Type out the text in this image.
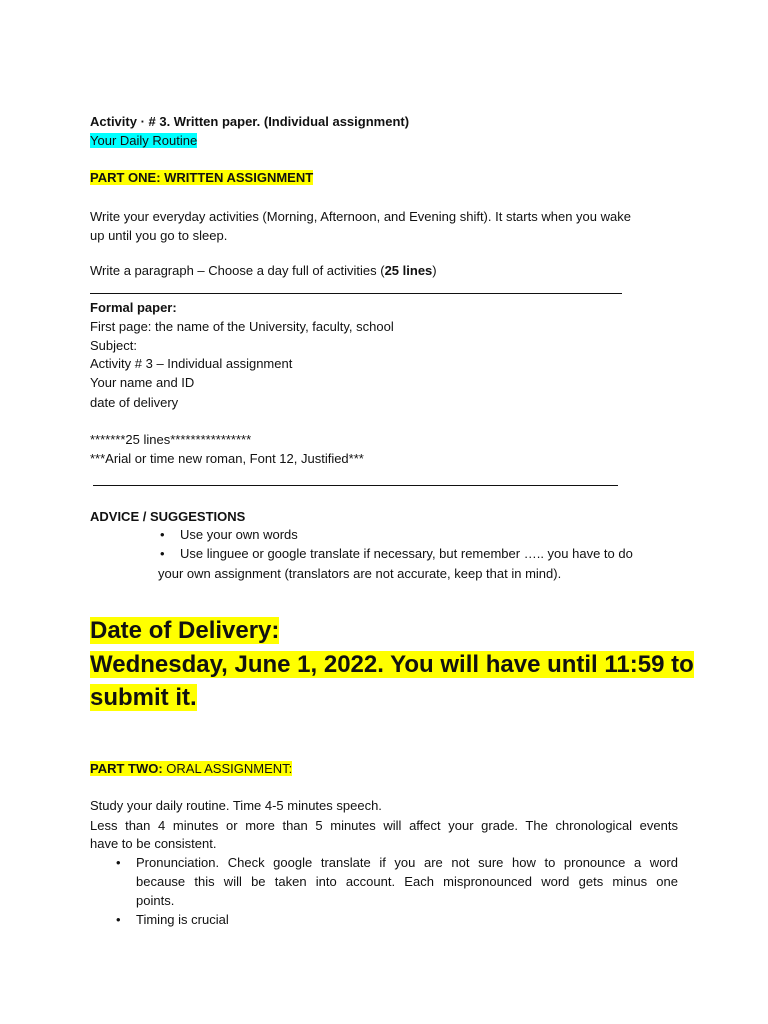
Activity · # 3. Written paper. (Individual assignment)

Your Daily Routine

PART ONE: WRITTEN ASSIGNMENT

Write your everyday activities (Morning, Afternoon, and Evening shift). It starts when you wake

up until you go to sleep.

Write a paragraph – Choose a day full of activities (25 lines)

Formal paper:

First page: the name of the University, faculty, school

Subject:

Activity # 3 – Individual assignment

Your name and ID

date of delivery

*******25 lines****************

***Arial or time new roman, Font 12, Justified***

ADVICE / SUGGESTIONS

• Use your own words

• Use linguee or google translate if necessary, but remember ….. you have to do

your own assignment (translators are not accurate, keep that in mind).

Date of Delivery:

Wednesday, June 1, 2022. You will have until 11:59 to

submit it.

PART TWO: ORAL ASSIGNMENT:

Study your daily routine. Time 4-5 minutes speech.

Less than 4 minutes or more than 5 minutes will affect your grade. The chronological events

have to be consistent.

• Pronunciation. Check google translate if you are not sure how to pronounce a word

because this will be taken into account. Each mispronounced word gets minus one

points.

• Timing is crucial
